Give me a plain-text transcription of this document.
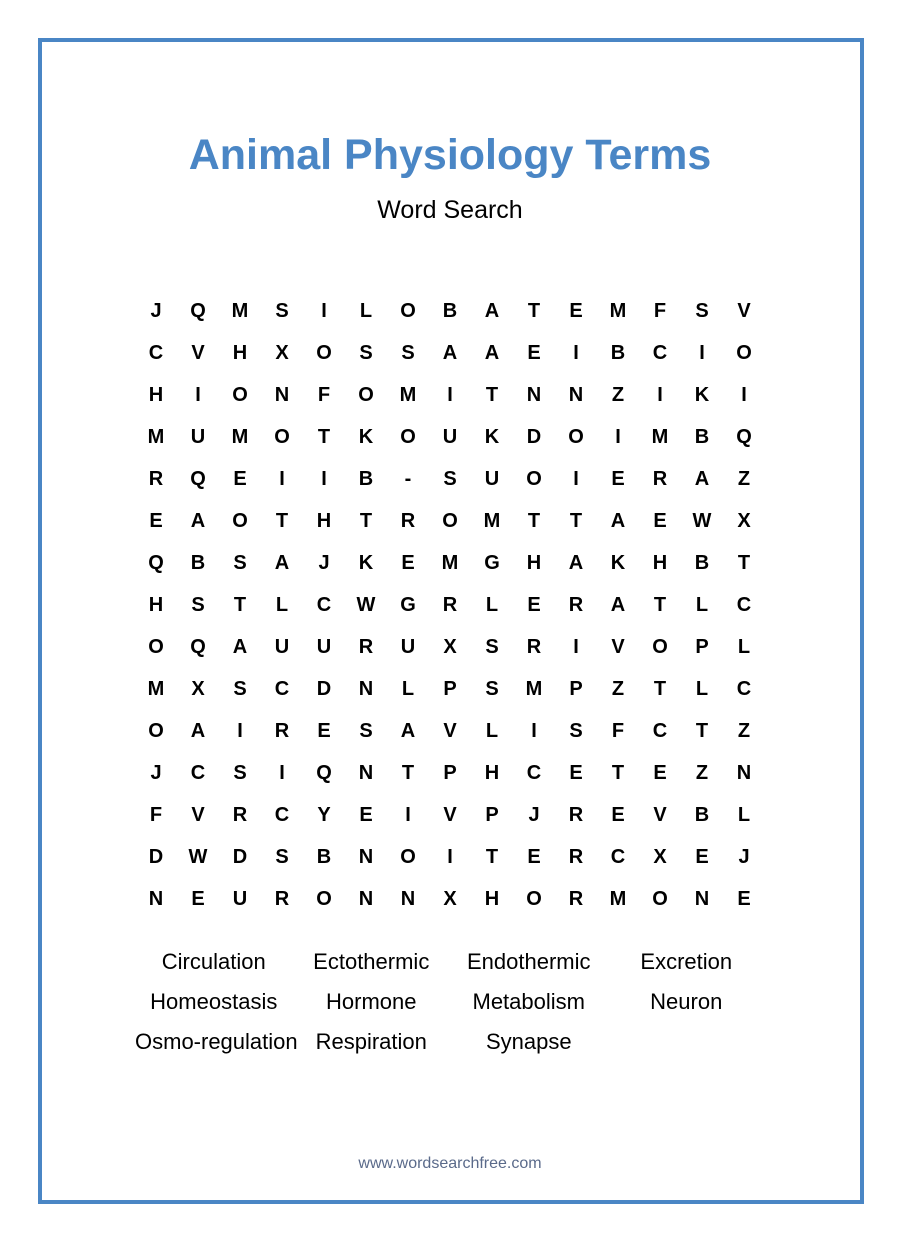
Animal Physiology Terms
Word Search
J	Q	M	S	I	L	O	B	A	T	E	M	F	S	V
C	V	H	X	O	S	S	A	A	E	I	B	C	I	O
H	I	O	N	F	O	M	I	T	N	N	Z	I	K	I
M	U	M	O	T	K	O	U	K	D	O	I	M	B	Q
R	Q	E	I	I	B	-	S	U	O	I	E	R	A	Z
E	A	O	T	H	T	R	O	M	T	T	A	E	W	X
Q	B	S	A	J	K	E	M	G	H	A	K	H	B	T
H	S	T	L	C	W	G	R	L	E	R	A	T	L	C
O	Q	A	U	U	R	U	X	S	R	I	V	O	P	L
M	X	S	C	D	N	L	P	S	M	P	Z	T	L	C
O	A	I	R	E	S	A	V	L	I	S	F	C	T	Z
J	C	S	I	Q	N	T	P	H	C	E	T	E	Z	N
F	V	R	C	Y	E	I	V	P	J	R	E	V	B	L
D	W	D	S	B	N	O	I	T	E	R	C	X	E	J
N	E	U	R	O	N	N	X	H	O	R	M	O	N	E
Circulation	Ectothermic	Endothermic	Excretion
Homeostasis	Hormone	Metabolism	Neuron
Osmo-regulation Respiration	Synapse
www.wordsearchfree.com
